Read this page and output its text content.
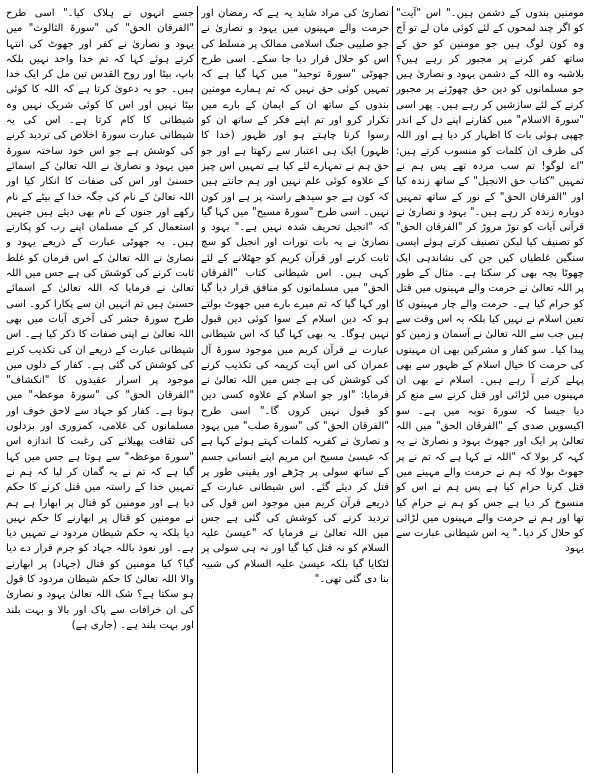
مومنین بندوں کے دشمن ہیں۔" اس "آیت" کو اگر چند لمحوں کے لئے کوئی مان لے تو آج وہ کون لوگ ہیں جو مومنین کو حق کے ساتھ کفر کرنے پر مجبور کر رہے ہیں؟ بلاشبہ وہ اللہ کے دشمن یہود و نصاریٰ ہیں جو مسلمانوں کو دین حق چھوڑنے پر مجبور کرنے کے لئے سازشیں کر رہے ہیں۔ پھر اسی "سورۃ الاسلام" میں کفارنے اپنے دل کے اندر چھپی ہوئی بات کا اظہار کر دیا ہے اور اللہ کی طرف ان کلمات کو منسوب کرتے ہیں: "اے لوگو! تم سب مردہ تھے پس ہم نے تمہیں "کتاب حق الانجیل" کے ساتھ زندہ کیا اور "الفرقان الحق" کے نور کے ساتھ تمہیں دوبارہ زندہ کر رہے ہیں۔" یہود و نصاریٰ نے قرآنی آیات کو توڑ مروڑ کر "الفرقان الحق" کو تصنیف کیا لیکن تصنیف کرتے ہوئے ایسی سنگین غلطیاں کیں جن کی نشاندہی ایک چھوٹا بچہ بھی کر سکتا ہے۔ مثال کے طور پر اللہ تعالیٰ نے حرمت والے مہینوں میں قتل کو حرام کیا ہے۔ حرمت والے چار مہینوں کا تعین اسلام نے نہیں کیا بلکہ یہ اس وقت سے ہیں جب سے اللہ تعالیٰ نے آسمان و زمین کو پیدا کیا۔ سو کفار و مشرکین بھی ان مہینوں کی حرمت کا خیال اسلام کے ظہور سے بھی پہلے کرتے آ رہے ہیں۔ اسلام نے بھی ان مہینوں میں لڑائی اور قتل کرنے سے منع کر دیا جیسا کہ سورۃ توبہ میں ہے۔ سو اکیسویں صدی کے "الفرقان الحق" میں اللہ تعالیٰ پر ایک اور جھوٹ یہود و نصاریٰ نے یہ کہہ کر بولا کہ "اللہ نے کہا ہے کہ تم نے پر جھوٹ بولا کہ ہم نے حرمت والے مہینے میں قتل کرنا حرام کیا ہے پس ہم نے اس کو منسوخ کر دیا ہے جس کو ہم نے حرام کیا تھا اور ہم نے حرمت والے مہینوں میں لڑائی کو حلال کر دیا۔" یہ اس شیطانی عبارت سے یہود

نصاریٰ کی مراد شاید یہ ہے کہ رمضان اور حرمت والے مہینوں میں یہود و نصاریٰ نے جو صلیبی جنگ اسلامی ممالک پر مسلط کی اس کو حلال قرار دیا جا سکے۔ اسی طرح جھوٹی "سورۃ توحید" میں کہا گیا ہے کہ تمہیں کوئی حق نہیں کہ تم ہمارے مومنین بندوں کے ساتھ ان کے ایمان کے بارے میں تکرار کرو اور تم اپنے فکر کے ساتھ ان کو رسوا کرنا چاہتے ہو اور ظہور (خدا کا ظہور) ایک ہی اعتبار سے رکھتا ہے اور جو حق ہم نے تمہارے لئے کیا ہے تمہیں اس چیز کے علاوہ کوئی علم نہیں اور ہم جانتے ہیں کہ کون ہے جو سیدھے راستہ پر ہے اور کون نہیں۔ اسی طرح "سورۃ مسیح" میں کہا گیا کہ "انجیل تحریف شدہ نہیں ہے۔" یہود و نصاریٰ نے یہ بات تورات اور انجیل کو سچ ثابت کرنے اور قرآن کریم کو جھٹلانے کے لئے کہی ہیں۔ اس شیطانی کتاب "الفرقان الحق" میں مسلمانوں کو منافق قرار دیا گیا اور کہا گیا کہ تم میرے بارے میں جھوٹ بولتے ہو کہ دین اسلام کے سوا کوئی دین قبول نہیں ہوگا۔ یہ بھی کہا گیا کہ اس شیطانی عبارت نے قرآن کریم میں موجود سورۃ آل عمران کی اس آیت کریمہ کی تکذیب کرنے کی کوشش کی ہے جس میں اللہ تعالیٰ نے فرمایا: "اور جو اسلام کے علاوہ کسی دین کو قبول نہیں کروں گا۔" اسی طرح "الفرقان الحق" کی "سورۃ صلب" میں یہود و نصاریٰ نے کفریہ کلمات کہتے ہوئے کہا ہے کہ عیسیٰ مسیح ابن مریم اپنے انسانی جسم کے ساتھ سولی پر چڑھے اور یقینی طور پر قتل کر دیئے گئے۔ اس شیطانی عبارت کے ذریعے قرآن کریم میں موجود اس قول کی تردید کرنے کی کوشش کی گئی ہے جس میں اللہ تعالیٰ نے فرمایا کہ "عیسیٰ علیہ السلام کو نہ قتل کیا گیا اور نہ ہی سولی پر لٹکایا گیا بلکہ عیسیٰ علیہ السلام کی شبیہ بنا دی گئی تھی۔"

جسے انہوں نے ہلاک کیا۔" اسی طرح "الفرقان الحق" کی "سورۃ الثالوث" میں یہود و نصاریٰ نے کفر اور جھوٹ کی انتہا کرتے ہوئے کہا کہ تم خدا واحد نہیں بلکہ باپ، بیٹا اور روح القدس تین مل کر ایک خدا ہیں۔ جو یہ دعویٰ کرتا ہے کہ اللہ کا کوئی بیٹا نہیں اور اس کا کوئی شریک نہیں وہ شیطانی کا کام کرتا ہے۔ اس کی یہ شیطانی عبارت سورۃ اخلاص کی تردید کرنے کی کوشش ہے جو اس خود ساختہ سورۃ میں یہود و نصاریٰ نے اللہ تعالیٰ کے اسمائے حسنیٰ اور اس کی صفات کا انکار کیا اور اللہ تعالیٰ کے نام کی جگہ خدا کے بیٹے کے نام رکھے اور جنوں کے نام بھی دیئے ہیں جنہیں استعمال کر کے مسلمان اپنے رب کو پکارتے ہیں۔ یہ جھوٹی عبارت کے ذریعے یہود و نصاریٰ نے اللہ تعالیٰ کے اس فرمان کو غلط ثابت کرنے کی کوشش کی ہے جس میں اللہ تعالیٰ نے فرمایا کہ اللہ تعالیٰ کے اسمائے حسنیٰ ہیں تم انہیں ان سے پکارا کرو۔ اسی طرح سورۃ حشر کی آخری آیات میں بھی اللہ تعالیٰ نے اپنی صفات کا ذکر کیا ہے۔ اس شیطانی عبارت کے ذریعے ان کی تکذیب کرنے کی کوشش کی گئی ہے۔ کفار کے دلوں میں موجود پر اسرار عقیدوں کا "انکشاف" "الفرقان الحق" کی "سورۃ موعظہ" میں ہوتا ہے۔ کفار کو جہاد سے لاحق خوف اور مسلمانوں کی غلامی، کمزوری اور بزدلوں کی ثقافت پھیلانے کی رغبت کا اندازہ اس "سورۃ موعظہ" سے ہوتا ہے جس میں کہا گیا ہے کہ تم نے یہ گمان کر لیا کہ ہم نے تمہیں خدا کے راستہ میں قتل کرنے کا حکم دیا ہے اور مومنین کو قتال پر ابھارا ہے ہم نے مومنین کو قتال پر ابھارنے کا حکم نہیں دیا بلکہ یہ حکم شیطان مردود نے تمہیں دیا ہے۔ اور نعوذ باللہ جہاد کو جرم قرار دے دیا گیا؟ کیا مومنین کو قتال (جہاد) پر ابھارنے والا اللہ تعالیٰ کا حکم شیطان مردود کا قول ہو سکتا ہے؟ شک اللہ تعالیٰ یہود و نصاریٰ کی ان خرافات سے پاک اور بالا و بہت بلند اور بہت بلند ہے۔ (جاری ہے)
